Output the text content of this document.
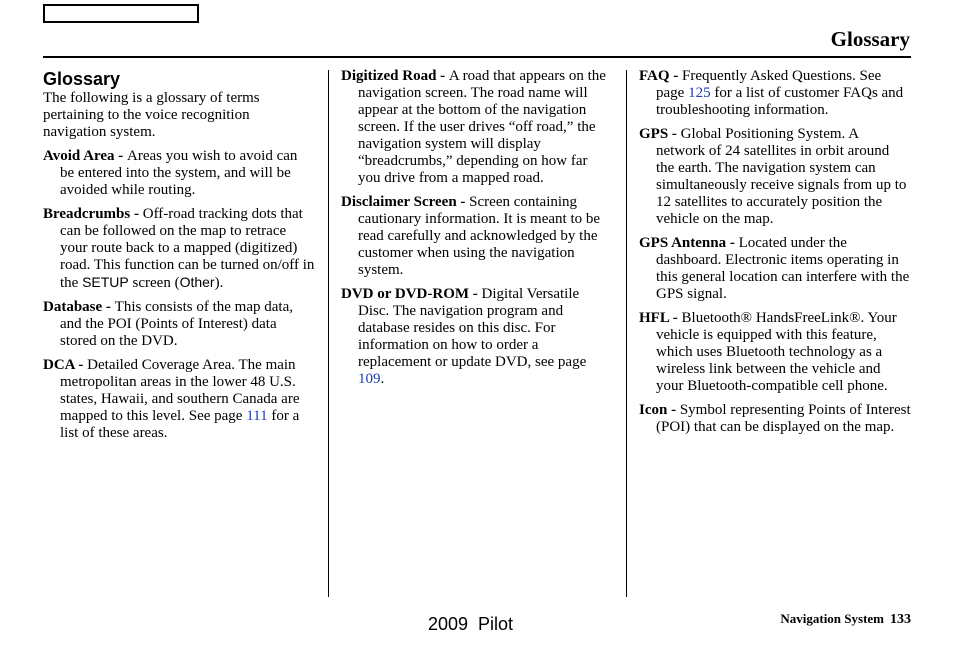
Glossary
Glossary

The following is a glossary of terms pertaining to the voice recognition navigation system.

Avoid Area - Areas you wish to avoid can be entered into the system, and will be avoided while routing.

Breadcrumbs - Off-road tracking dots that can be followed on the map to retrace your route back to a mapped (digitized) road. This function can be turned on/off in the SETUP screen (Other).

Database - This consists of the map data, and the POI (Points of Interest) data stored on the DVD.

DCA - Detailed Coverage Area. The main metropolitan areas in the lower 48 U.S. states, Hawaii, and southern Canada are mapped to this level. See page 111 for a list of these areas.

Digitized Road - A road that appears on the navigation screen. The road name will appear at the bottom of the navigation screen. If the user drives “off road,” the navigation system will display “breadcrumbs,” depending on how far you drive from a mapped road.

Disclaimer Screen - Screen containing cautionary information. It is meant to be read carefully and acknowledged by the customer when using the navigation system.

DVD or DVD-ROM - Digital Versatile Disc. The navigation program and database resides on this disc. For information on how to order a replacement or update DVD, see page 109.

FAQ - Frequently Asked Questions. See page 125 for a list of customer FAQs and troubleshooting information.

GPS - Global Positioning System. A network of 24 satellites in orbit around the earth. The navigation system can simultaneously receive signals from up to 12 satellites to accurately position the vehicle on the map.

GPS Antenna - Located under the dashboard. Electronic items operating in this general location can interfere with the GPS signal.

HFL - Bluetooth® HandsFreeLink®. Your vehicle is equipped with this feature, which uses Bluetooth technology as a wireless link between the vehicle and your Bluetooth-compatible cell phone.

Icon - Symbol representing Points of Interest (POI) that can be displayed on the map.

2009  Pilot	Navigation System 133
